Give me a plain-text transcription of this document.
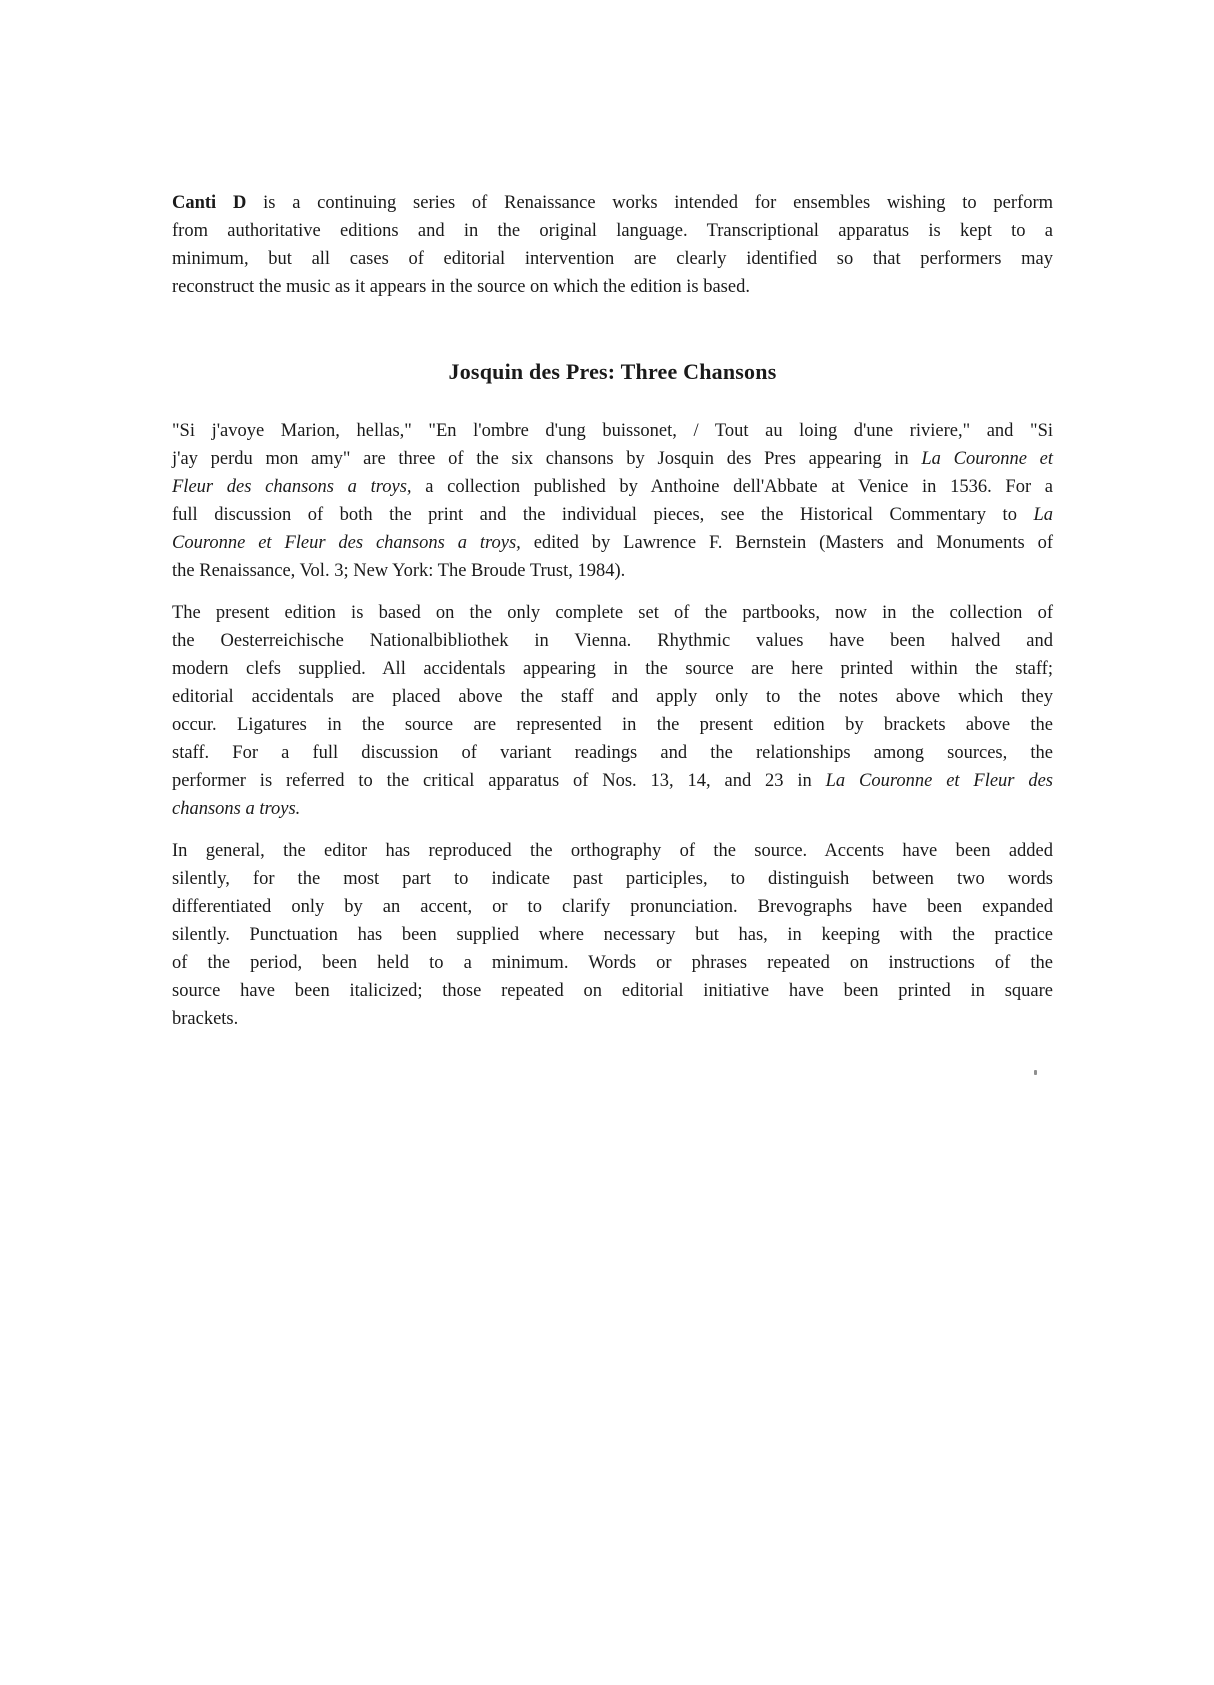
Canti D is a continuing series of Renaissance works intended for ensembles wishing to perform
from authoritative editions and in the original language. Transcriptional apparatus is kept to a
minimum, but all cases of editorial intervention are clearly identified so that performers may
reconstruct the music as it appears in the source on which the edition is based.
Josquin des Pres: Three Chansons
"Si j'avoye Marion, hellas," "En l'ombre d'ung buissonet, / Tout au loing d'une riviere," and "Si
j'ay perdu mon amy" are three of the six chansons by Josquin des Pres appearing in La Couronne et
Fleur des chansons a troys, a collection published by Anthoine dell'Abbate at Venice in 1536. For a
full discussion of both the print and the individual pieces, see the Historical Commentary to La
Couronne et Fleur des chansons a troys, edited by Lawrence F. Bernstein (Masters and Monuments of
the Renaissance, Vol. 3; New York: The Broude Trust, 1984).
The present edition is based on the only complete set of the partbooks, now in the collection of
the Oesterreichische Nationalbibliothek in Vienna. Rhythmic values have been halved and
modern clefs supplied. All accidentals appearing in the source are here printed within the staff;
editorial accidentals are placed above the staff and apply only to the notes above which they
occur. Ligatures in the source are represented in the present edition by brackets above the
staff. For a full discussion of variant readings and the relationships among sources, the
performer is referred to the critical apparatus of Nos. 13, 14, and 23 in La Couronne et Fleur des
chansons a troys.
In general, the editor has reproduced the orthography of the source. Accents have been added
silently, for the most part to indicate past participles, to distinguish between two words
differentiated only by an accent, or to clarify pronunciation. Brevographs have been expanded
silently. Punctuation has been supplied where necessary but has, in keeping with the practice
of the period, been held to a minimum. Words or phrases repeated on instructions of the
source have been italicized; those repeated on editorial initiative have been printed in square
brackets.
